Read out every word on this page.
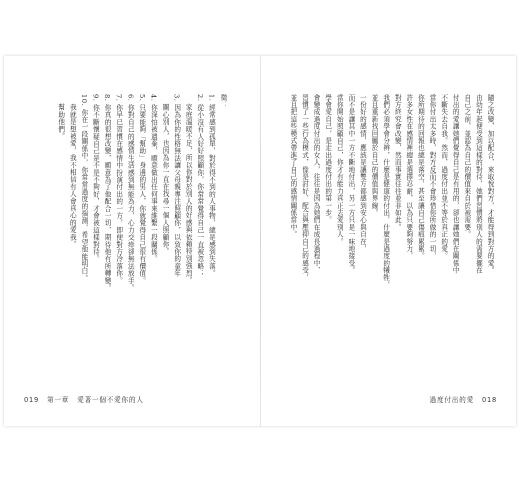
徵：

1. 經常感到孤單，對於得不到的人事物，總是感到失落。

2. 從小沒有人好好照顧你，你常常覺得自己一直被忽略；

　 家庭溫暖不足，所以你對於別人的好感與依賴特別強烈。

3. 因為你的性格無法讓父母親專注照顧你，以致你的童年

　 關心別人，也因為你一直在找尋一個人照顧你。

4. 你深怕被遺棄，願意做出任何事來維繫一段關係。

5. 只要能夠「幫助」身邊的男人，你就覺得自己很有價值。

6. 你對自己的感情生活感到無能為力，心力交瘁卻無法放手。

7. 你早已習慣在感情中扮演付出的一方，即便對方冷落你。

8. 你真的很想改變，願意為了他配合一切，期待他有所轉變。

9. 你不斷懷疑自己是不是不夠好，才會被這樣對待。

10. 你在一段關係中，你常常過度的揣測，希望他能明白。

　 我就是想被愛，我不相信有人會真心的愛我。

　 幫助他們。

019 第一章 愛著一個不愛你的人

隨之改變，加以配合，來取悅對方，才能得到對方的愛。

由幼年起便受到這樣的對待，她們習慣將別人的需要擺在

自己之前，並認為自己的價值來自於被需要。

付出的愛讓她們覺得自己是有用的，卻也讓她們在關係中

不斷失去自我。然而，過度付出並不等於真正的愛。

當你付出太多時，對方反而不會珍惜你所做的一切，

你所期待的回報也總是落空，甚至讓自己傷痕累累。

許多女性在感情裡總是選擇忍耐，以為只要夠努力，

對方終究會改變，然而事實往往並非如此。

我們必須學會分辨，什麼是健康的付出，什麼是過度的犧牲，

並且重新找回屬於自己的價值與界線。

一份好的感情，應該是讓雙方都感到安心與自在，

而不是讓其中一方不斷地付出，另一方只是一味地接受。

當你開始照顧自己，你才有能力真正去愛別人。

學會愛自己，是走出過度付出的第一步。

會變成過度付出的女人，往往是因為她們在成長過程中，

習慣了一些行為模式，像是討好、配合與壓抑自己的感受，

並且把這些模式帶進了自己的感情關係當中。

過度付出的愛 018
